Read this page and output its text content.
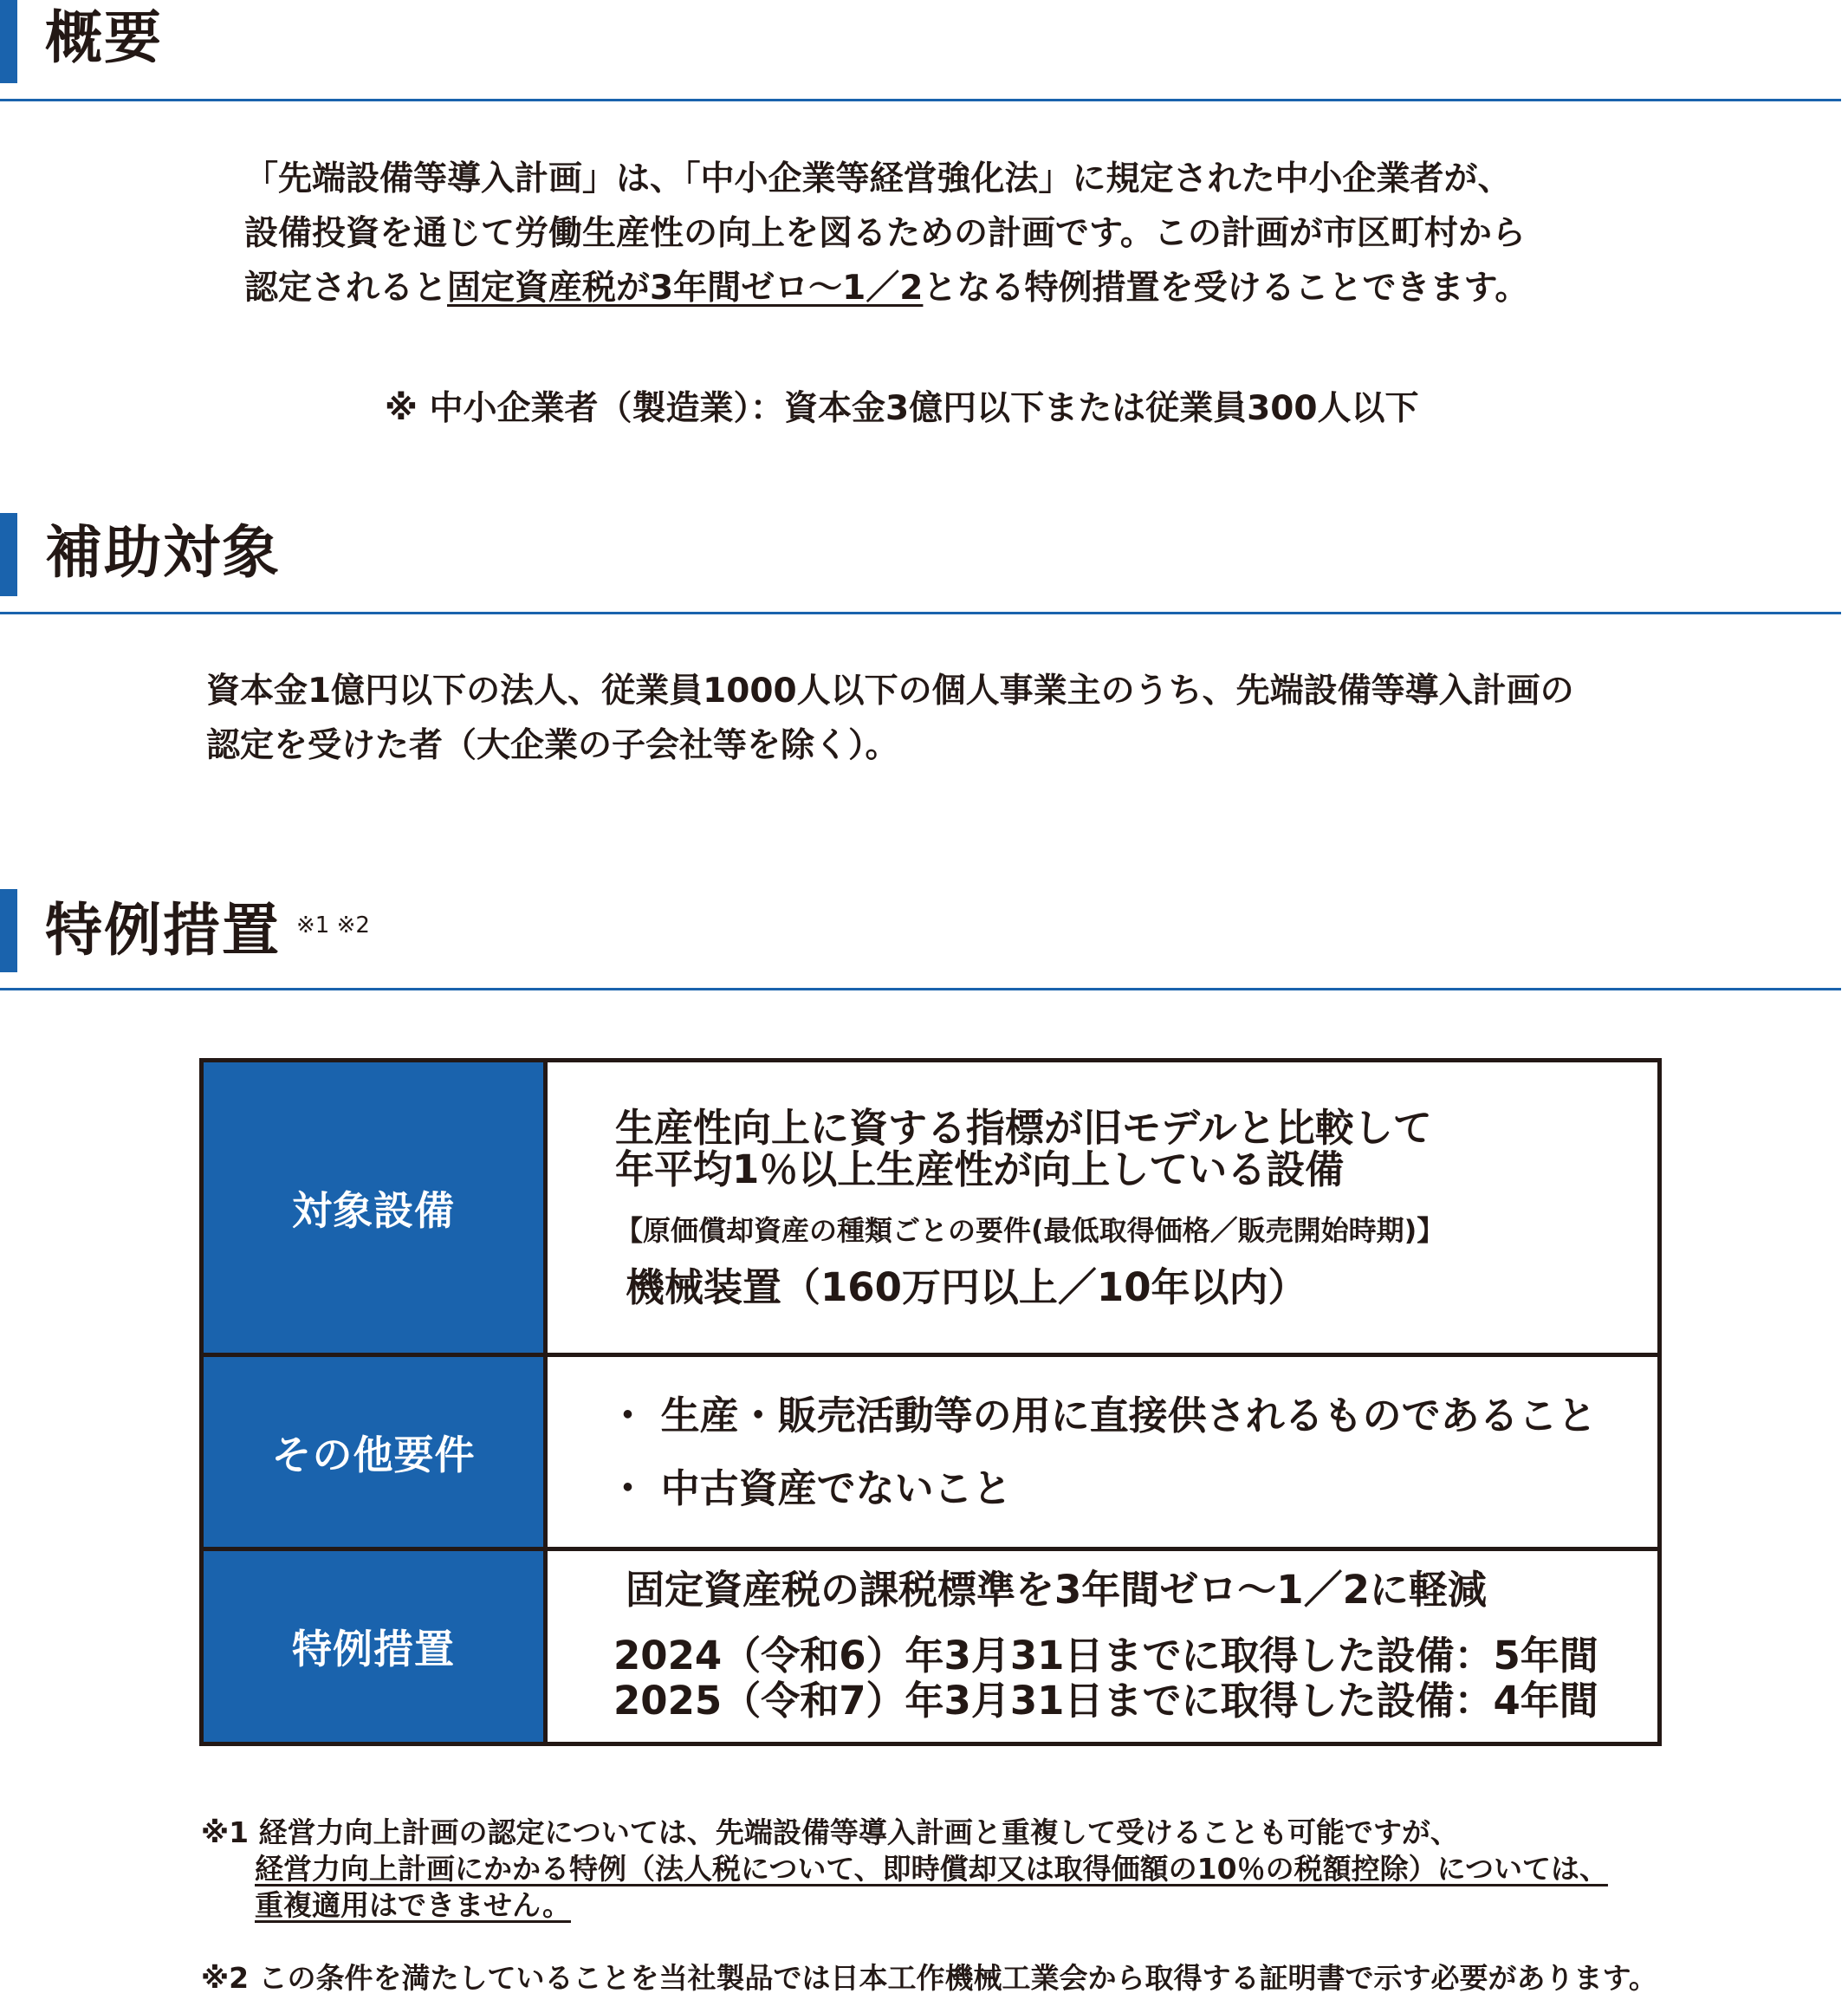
概要

「先端設備等導入計画」は、「中小企業等経営強化法」に規定された中小企業者が、

設備投資を通じて労働生産性の向上を図るための計画です。この計画が市区町村から

認定されると固定資産税が3年間ゼロ～1／2となる特例措置を受けることできます。

※ 中小企業者（製造業）：資本金3億円以下または従業員300人以下
補助対象

資本金1億円以下の法人、従業員1000人以下の個人事業主のうち、先端設備等導入計画の

認定を受けた者（大企業の子会社等を除く）。

特例措置 $^{※1 ※2}$
対象設備	生産性向上に資する指標が旧モデルと比較して
年平均1％以上生産性が向上している設備
【原価償却資産の種類ごとの要件(最低取得価格／販売開始時期)】
機械装置（160万円以上／10年以内）

その他要件	・ 生産・販売活動等の用に直接供されるものであること
・ 中古資産でないこと

特例措置	固定資産税の課税標準を3年間ゼロ～1／2に軽減
2024（令和6）年3月31日までに取得した設備：5年間
2025（令和7）年3月31日までに取得した設備：4年間
※1 経営力向上計画の認定については、先端設備等導入計画と重複して受けることも可能ですが、
経営力向上計画にかかる特例（法人税について、即時償却又は取得価額の10％の税額控除）については、
重複適用はできません。
※2 この条件を満たしていることを当社製品では日本工作機械工業会から取得する証明書で示す必要があります。
